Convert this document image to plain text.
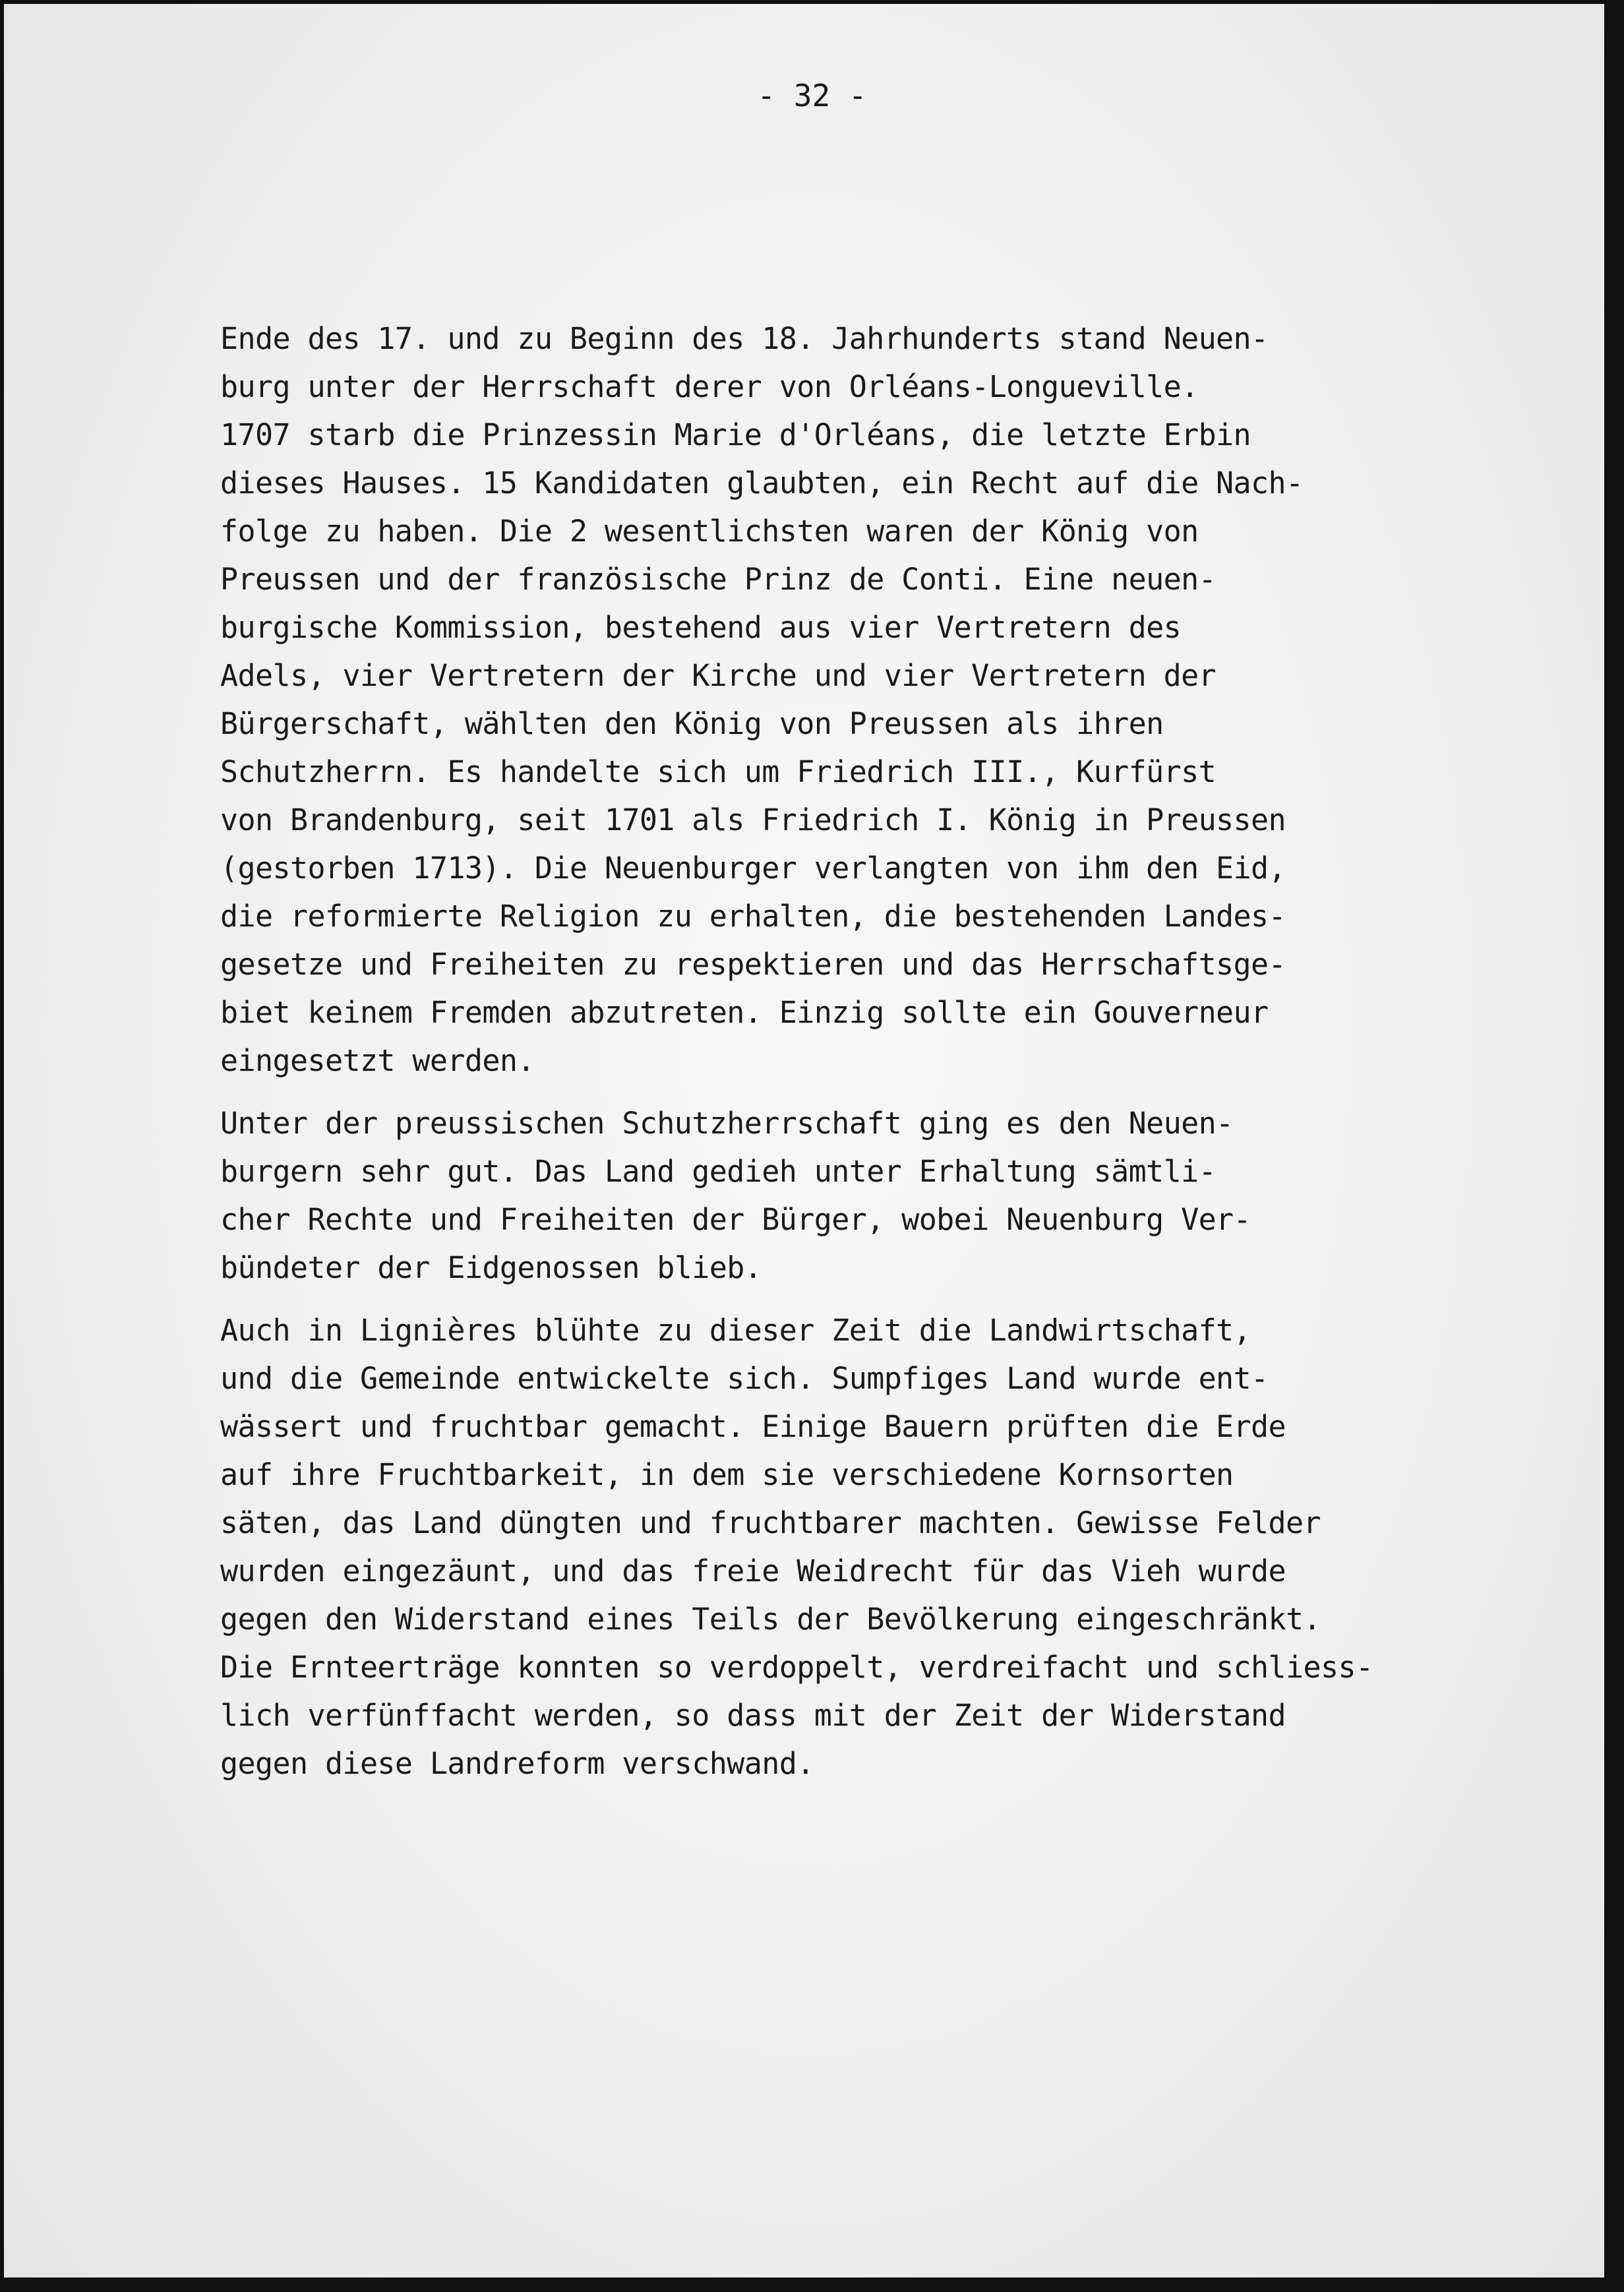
- 32 -
Ende des 17. und zu Beginn des 18. Jahrhunderts stand Neuen-
burg unter der Herrschaft derer von Orléans-Longueville.
1707 starb die Prinzessin Marie d'Orléans, die letzte Erbin
dieses Hauses. 15 Kandidaten glaubten, ein Recht auf die Nach-
folge zu haben. Die 2 wesentlichsten waren der König von
Preussen und der französische Prinz de Conti. Eine neuen-
burgische Kommission, bestehend aus vier Vertretern des
Adels, vier Vertretern der Kirche und vier Vertretern der
Bürgerschaft, wählten den König von Preussen als ihren
Schutzherrn. Es handelte sich um Friedrich III., Kurfürst
von Brandenburg, seit 1701 als Friedrich I. König in Preussen
(gestorben 1713). Die Neuenburger verlangten von ihm den Eid,
die reformierte Religion zu erhalten, die bestehenden Landes-
gesetze und Freiheiten zu respektieren und das Herrschaftsge-
biet keinem Fremden abzutreten. Einzig sollte ein Gouverneur
eingesetzt werden.
Unter der preussischen Schutzherrschaft ging es den Neuen-
burgern sehr gut. Das Land gedieh unter Erhaltung sämtli-
cher Rechte und Freiheiten der Bürger, wobei Neuenburg Ver-
bündeter der Eidgenossen blieb.
Auch in Lignières blühte zu dieser Zeit die Landwirtschaft,
und die Gemeinde entwickelte sich. Sumpfiges Land wurde ent-
wässert und fruchtbar gemacht. Einige Bauern prüften die Erde
auf ihre Fruchtbarkeit, in dem sie verschiedene Kornsorten
säten, das Land düngten und fruchtbarer machten. Gewisse Felder
wurden eingezäunt, und das freie Weidrecht für das Vieh wurde
gegen den Widerstand eines Teils der Bevölkerung eingeschränkt.
Die Ernteerträge konnten so verdoppelt, verdreifacht und schliess-
lich verfünffacht werden, so dass mit der Zeit der Widerstand
gegen diese Landreform verschwand.
